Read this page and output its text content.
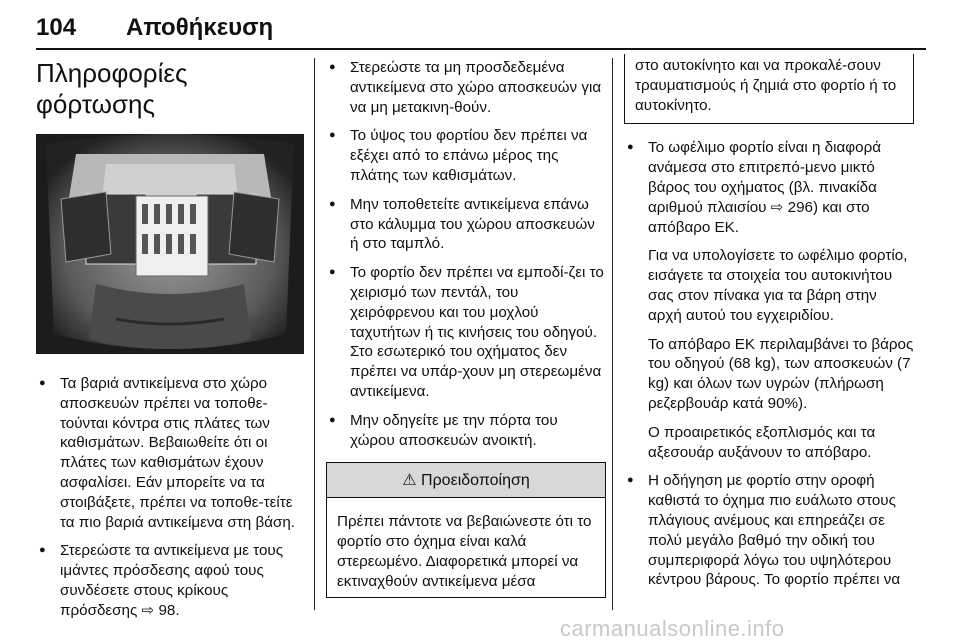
104 Αποθήκευση
Πληροφορίες φόρτωσης
● Τα βαριά αντικείμενα στο χώρο αποσκευών πρέπει να τοποθε-τούνται κόντρα στις πλάτες των καθισμάτων. Βεβαιωθείτε ότι οι πλάτες των καθισμάτων έχουν ασφαλίσει. Εάν μπορείτε να τα στοιβάξετε, πρέπει να τοποθε-τείτε τα πιο βαριά αντικείμενα στη βάση.
● Στερεώστε τα αντικείμενα με τους ιμάντες πρόσδεσης αφού τους συνδέσετε στους κρίκους πρόσδεσης ⇨ 98.
● Στερεώστε τα μη προσδεδεμένα αντικείμενα στο χώρο αποσκευών για να μη μετακινη-θούν.
● Το ύψος του φορτίου δεν πρέπει να εξέχει από το επάνω μέρος της πλάτης των καθισμάτων.
● Μην τοποθετείτε αντικείμενα επάνω στο κάλυμμα του χώρου αποσκευών ή στο ταμπλό.
● Το φορτίο δεν πρέπει να εμποδί-ζει το χειρισμό των πεντάλ, του χειρόφρενου και του μοχλού ταχυτήτων ή τις κινήσεις του οδηγού. Στο εσωτερικό του οχήματος δεν πρέπει να υπάρ-χουν μη στερεωμένα αντικείμενα.
● Μην οδηγείτε με την πόρτα του χώρου αποσκευών ανοικτή.
⚠ Προειδοποίηση
Πρέπει πάντοτε να βεβαιώνεστε ότι το φορτίο στο όχημα είναι καλά στερεωμένο. Διαφορετικά μπορεί να εκτιναχθούν αντικείμενα μέσα
στο αυτοκίνητο και να προκαλέ-σουν τραυματισμούς ή ζημιά στο φορτίο ή το αυτοκίνητο.
● Το ωφέλιμο φορτίο είναι η διαφορά ανάμεσα στο επιτρεπό-μενο μικτό βάρος του οχήματος (βλ. πινακίδα αριθμού πλαισίου ⇨ 296) και στο απόβαρο ΕΚ.
Για να υπολογίσετε το ωφέλιμο φορτίο, εισάγετε τα στοιχεία του αυτοκινήτου σας στον πίνακα για τα βάρη στην αρχή αυτού του εγχειριδίου.
Το απόβαρο ΕΚ περιλαμβάνει το βάρος του οδηγού (68 kg), των αποσκευών (7 kg) και όλων των υγρών (πλήρωση ρεζερβουάρ κατά 90%).
Ο προαιρετικός εξοπλισμός και τα αξεσουάρ αυξάνουν το απόβαρο.
● Η οδήγηση με φορτίο στην οροφή καθιστά το όχημα πιο ευάλωτο στους πλάγιους ανέμους και επηρεάζει σε πολύ μεγάλο βαθμό την οδική του συμπεριφορά λόγω του υψηλότερου κέντρου βάρους. Το φορτίο πρέπει να
carmanualsonline.info
